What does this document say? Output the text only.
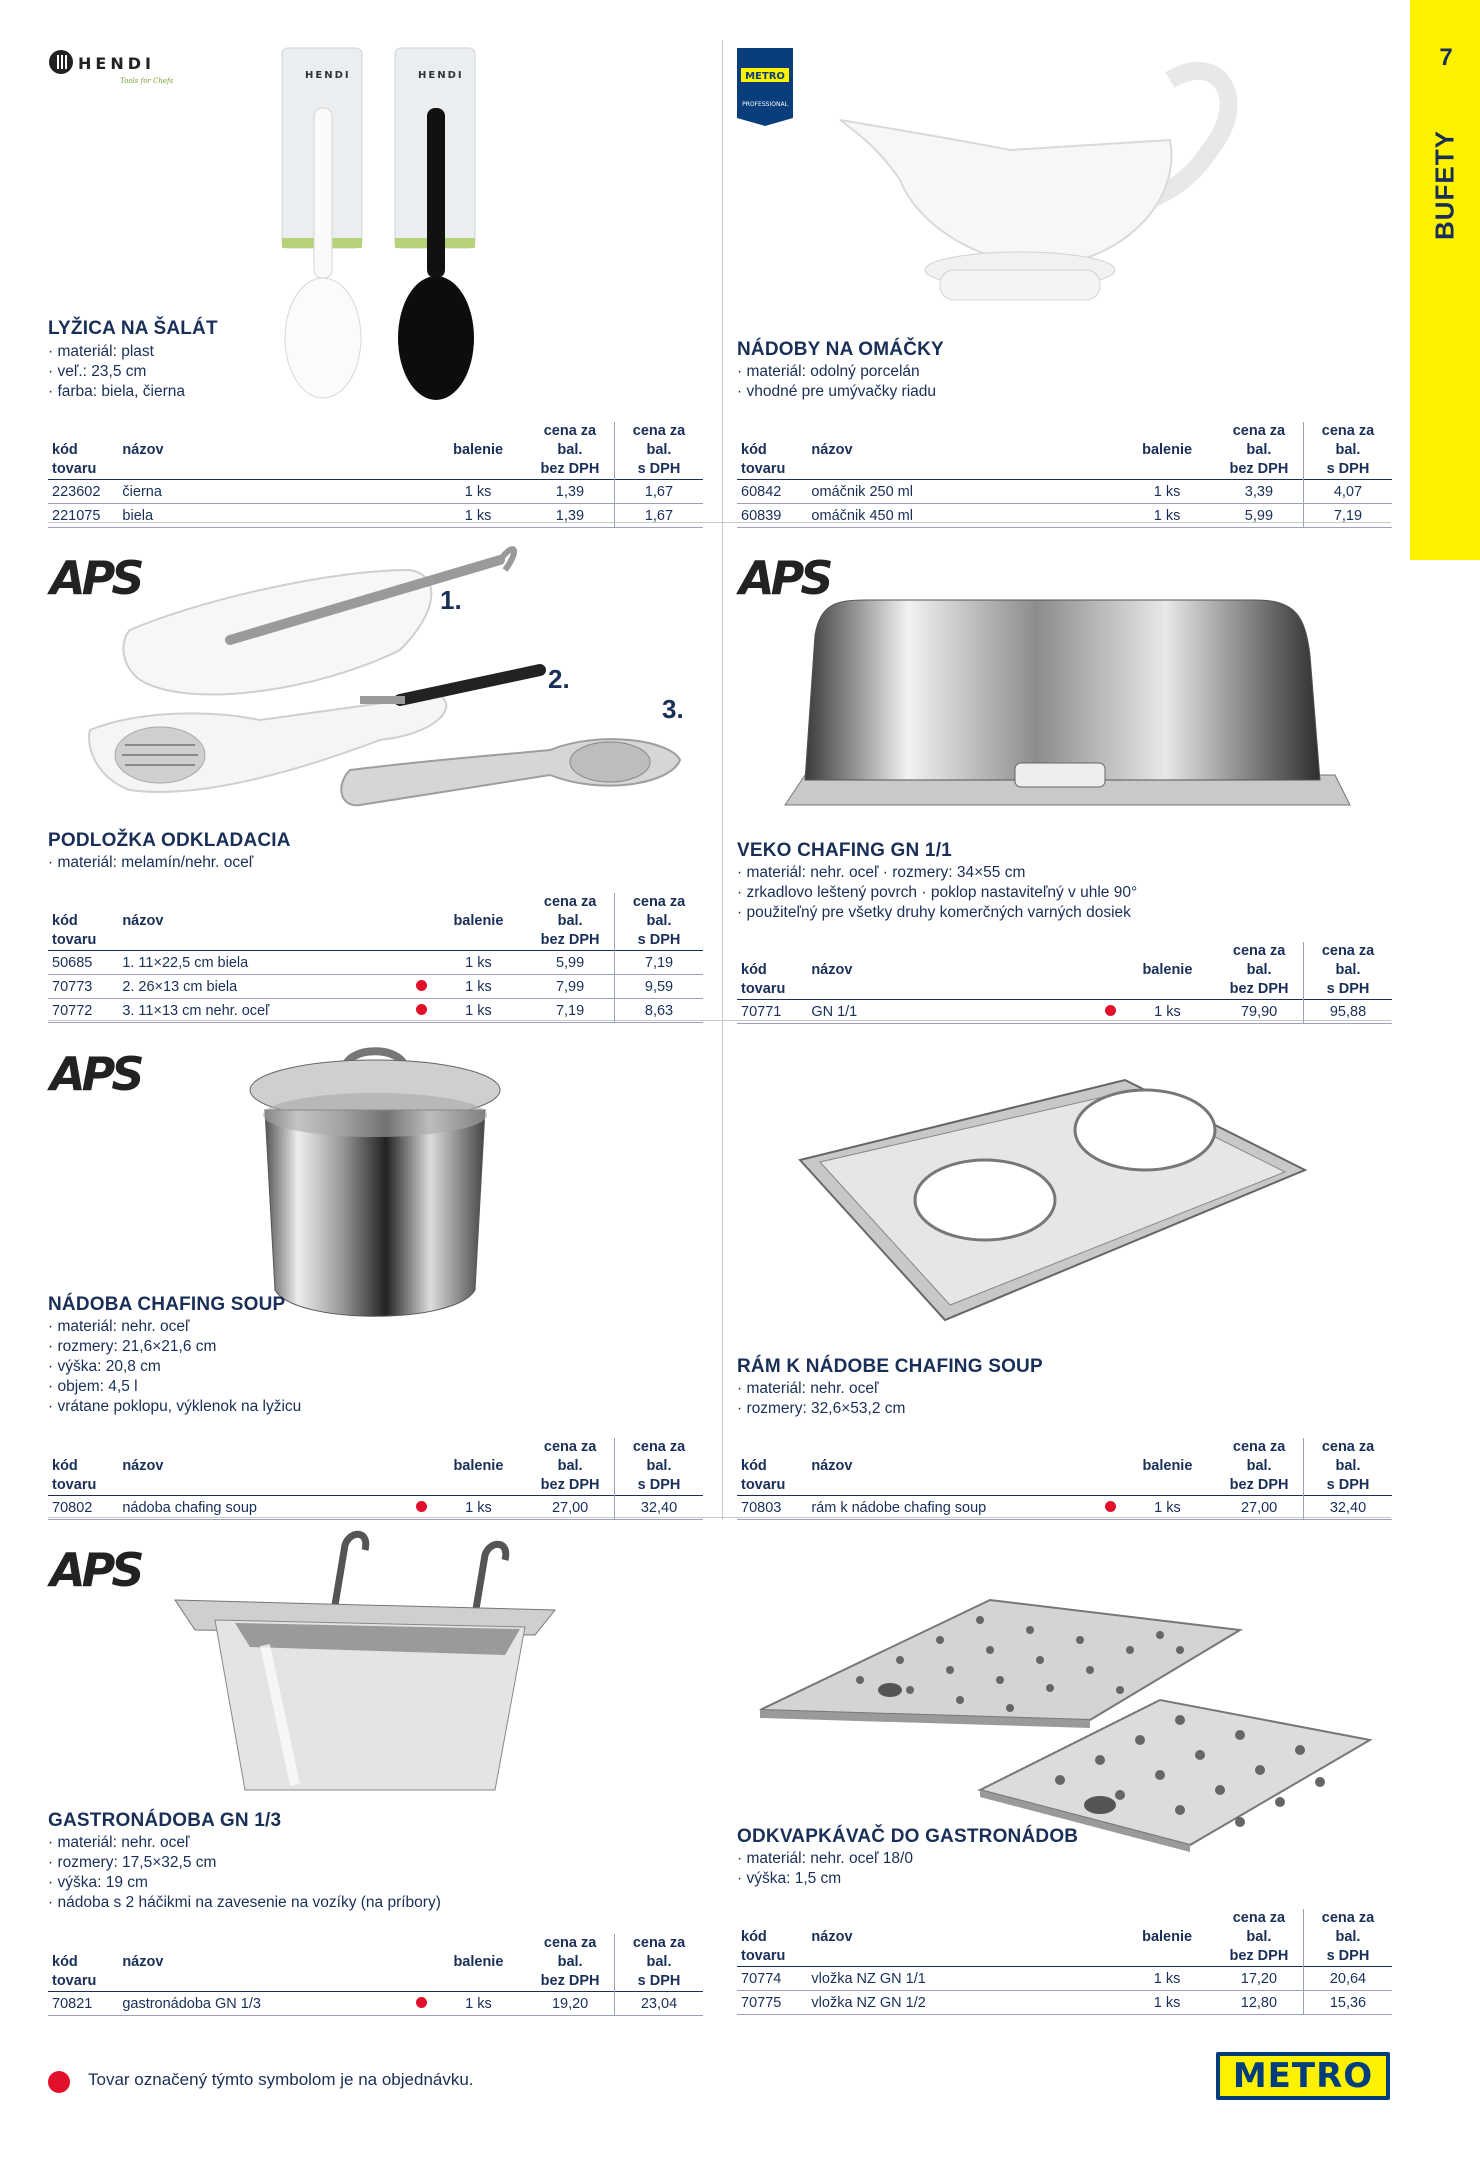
7
BUFETY
HENDI
Tools for Chefs	HENDI	HENDI
LYŽICA NA ŠALÁT
· materiál: plast
· veľ.: 23,5 cm
· farba: biela, čierna
kód
tovaru	názov	balenie	cena za bal.
bez DPH	cena za bal.
s DPH
223602	čierna	1 ks	1,39	1,67
221075	biela	1 ks	1,39	1,67
METRO
PROFESSIONAL
NÁDOBY NA OMÁČKY
· materiál: odolný porcelán
· vhodné pre umývačky riadu
kód
tovaru	názov	balenie	cena za bal.
bez DPH	cena za bal.
s DPH
60842	omáčnik 250 ml	1 ks	3,39	4,07
60839	omáčnik 450 ml	1 ks	5,99	7,19
APS	1.
2.
3.
PODLOŽKA ODKLADACIA
· materiál: melamín/nehr. oceľ
kód
tovaru	názov		balenie	cena za bal.
bez DPH	cena za bal.
s DPH
50685	1. 11×22,5 cm biela		1 ks	5,99	7,19
70773	2. 26×13 cm biela		1 ks	7,99	9,59
70772	3. 11×13 cm nehr. oceľ		1 ks	7,19	8,63
APS
VEKO CHAFING GN 1/1
· materiál: nehr. oceľ · rozmery: 34×55 cm
· zrkadlovo leštený povrch · poklop nastaviteľný v uhle 90°
· použiteľný pre všetky druhy komerčných varných dosiek
kód
tovaru	názov		balenie	cena za bal.
bez DPH	cena za bal.
s DPH
70771	GN 1/1		1 ks	79,90	95,88
APS
NÁDOBA CHAFING SOUP
· materiál: nehr. oceľ
· rozmery: 21,6×21,6 cm
· výška: 20,8 cm
· objem: 4,5 l
· vrátane poklopu, výklenok na lyžicu
kód
tovaru	názov		balenie	cena za bal.
bez DPH	cena za bal.
s DPH
70802	nádoba chafing soup		1 ks	27,00	32,40
RÁM K NÁDOBE CHAFING SOUP
· materiál: nehr. oceľ
· rozmery: 32,6×53,2 cm
kód
tovaru	názov		balenie	cena za bal.
bez DPH	cena za bal.
s DPH
70803	rám k nádobe chafing soup		1 ks	27,00	32,40
APS
GASTRONÁDOBA GN 1/3
· materiál: nehr. oceľ
· rozmery: 17,5×32,5 cm
· výška: 19 cm
· nádoba s 2 háčikmi na zavesenie na vozíky (na príbory)
kód
tovaru	názov		balenie	cena za bal.
bez DPH	cena za bal.
s DPH
70821	gastronádoba GN 1/3		1 ks	19,20	23,04
ODKVAPKÁVAČ DO GASTRONÁDOB
· materiál: nehr. oceľ 18/0
· výška: 1,5 cm
kód
tovaru	názov	balenie	cena za bal.
bez DPH	cena za bal.
s DPH
70774	vložka NZ GN 1/1	1 ks	17,20	20,64
70775	vložka NZ GN 1/2	1 ks	12,80	15,36
Tovar označený týmto symbolom je na objednávku.	METRO
